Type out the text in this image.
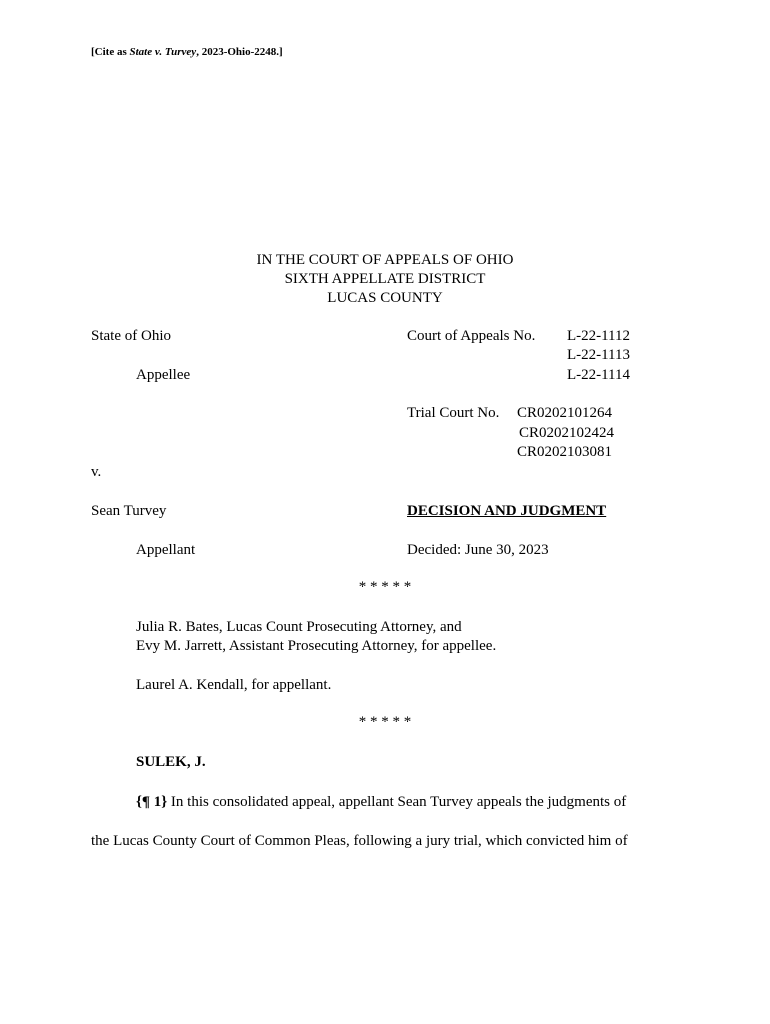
[Cite as State v. Turvey, 2023-Ohio-2248.]
IN THE COURT OF APPEALS OF OHIO
SIXTH APPELLATE DISTRICT
LUCAS COUNTY
State of Ohio
Appellee
Court of Appeals No.	L-22-1112
L-22-1113
L-22-1114
Trial Court No. CR0202101264
CR0202102424
CR0202103081
v.
Sean Turvey	DECISION AND JUDGMENT
Appellant	Decided: June 30, 2023
* * * * *
Julia R. Bates, Lucas Count Prosecuting Attorney, and
Evy M. Jarrett, Assistant Prosecuting Attorney, for appellee.
Laurel A. Kendall, for appellant.
* * * * *
SULEK, J.
{¶ 1} In this consolidated appeal, appellant Sean Turvey appeals the judgments of
the Lucas County Court of Common Pleas, following a jury trial, which convicted him of
